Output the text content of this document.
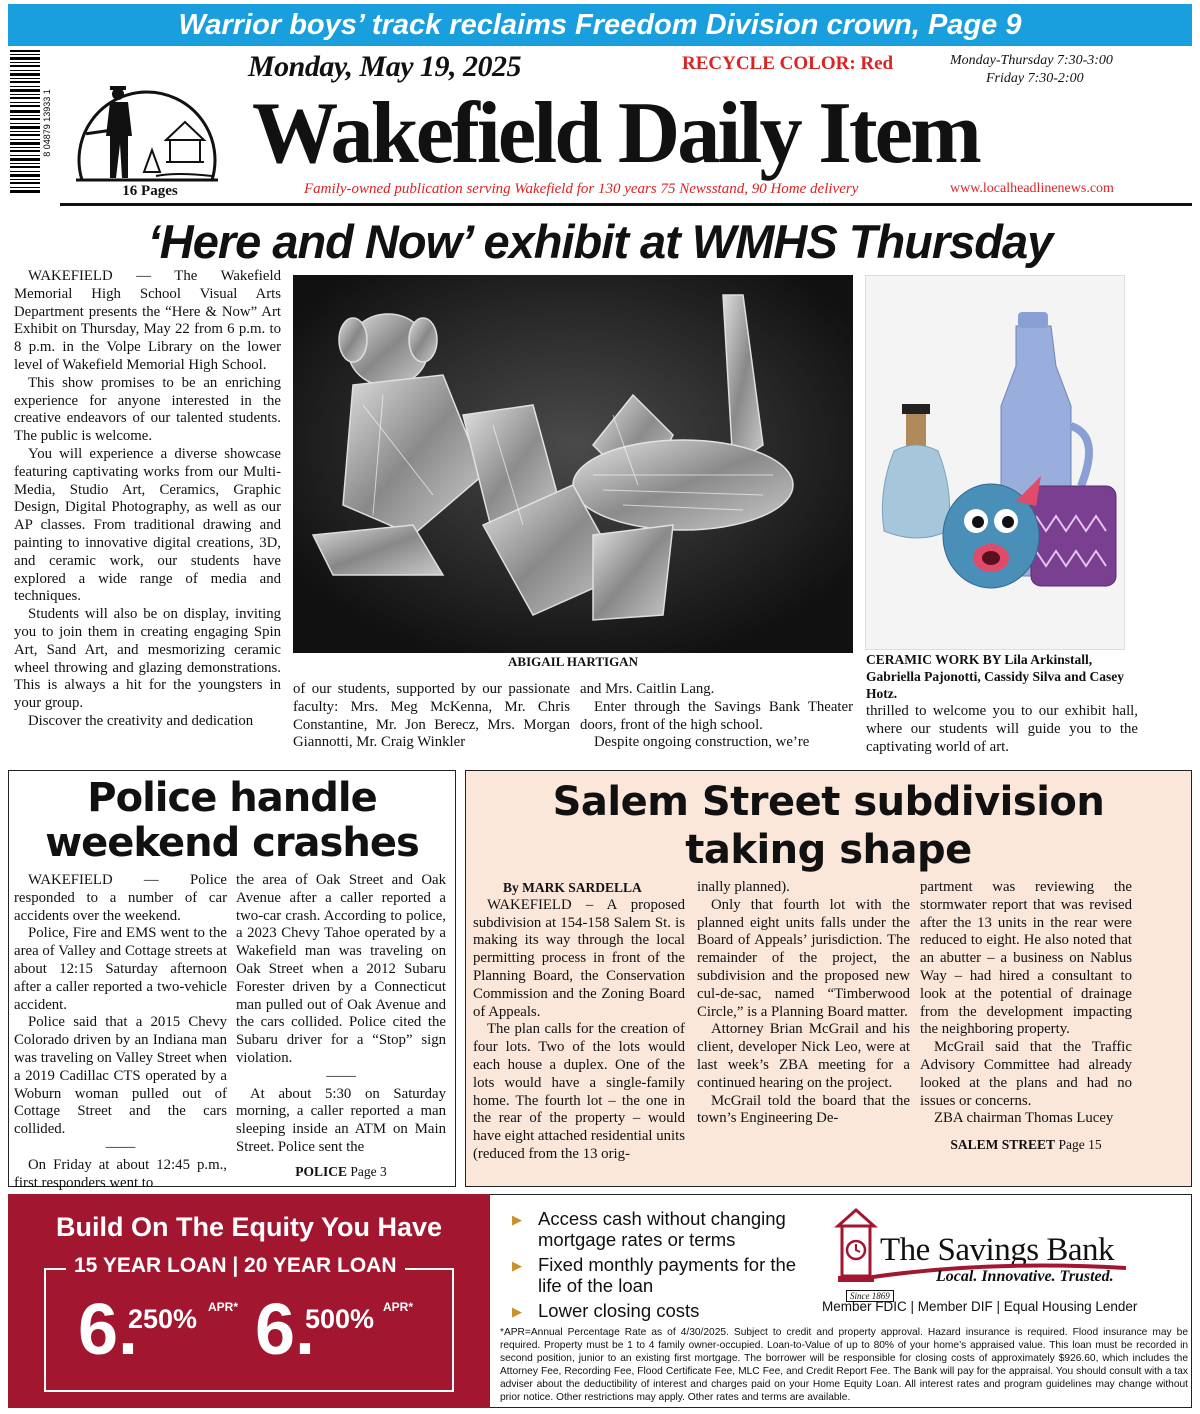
Warrior boys’ track reclaims Freedom Division crown, Page 9
8 04879 13933 1
16 Pages
Monday, May 19, 2025	RECYCLE COLOR: Red	Monday-Thursday 7:30-3:00
Friday 7:30-2:00
Wakefield Daily Item
Family-owned publication serving Wakefield for 130 years 75 Newsstand, 90 Home delivery	www.localheadlinenews.com
‘Here and Now’ exhibit at WMHS Thursday

WAKEFIELD — The Wakefield Memorial High School Visual Arts Department presents the “Here & Now” Art Exhibit on Thursday, May 22 from 6 p.m. to 8 p.m. in the Volpe Library on the lower level of Wakefield Memorial High School.

This show promises to be an enriching experience for anyone interested in the creative endeavors of our talented students. The public is welcome.

You will experience a diverse showcase featuring captivating works from our Multi-Media, Studio Art, Ceramics, Graphic Design, Digital Photography, as well as our AP classes. From traditional drawing and painting to innovative digital creations, 3D, and ceramic work, our students have explored a wide range of media and techniques.

Students will also be on display, inviting you to join them in creating engaging Spin Art, Sand Art, and mesmorizing ceramic wheel throwing and glazing demonstrations. This is always a hit for the youngsters in your group.

Discover the creativity and dedication

ABIGAIL HARTIGAN	CERAMIC WORK BY Lila Arkinstall, Gabriella Pajonotti, Cassidy Silva and Casey Hotz.

of our students, supported by our passionate faculty: Mrs. Meg McKenna, Mr. Chris Constantine, Mr. Jon Berecz, Mrs. Morgan Giannotti, Mr. Craig Winkler

and Mrs. Caitlin Lang.

Enter through the Savings Bank Theater doors, front of the high school.

Despite ongoing construction, we’re

thrilled to welcome you to our exhibit hall, where our students will guide you to the captivating world of art.

Police handle
weekend crashes

WAKEFIELD — Police responded to a number of car accidents over the weekend.

Police, Fire and EMS went to the area of Valley and Cottage streets at about 12:15 Saturday afternoon after a caller reported a two-vehicle accident.

Police said that a 2015 Chevy Colorado driven by an Indiana man was traveling on Valley Street when a 2019 Cadillac CTS operated by a Woburn woman pulled out of Cottage Street and the cars collided.

——

On Friday at about 12:45 p.m., first responders went to

the area of Oak Street and Oak Avenue after a caller reported a two-car crash. According to police, a 2023 Chevy Tahoe operated by a Wakefield man was traveling on Oak Street when a 2012 Subaru Forester driven by a Connecticut man pulled out of Oak Avenue and the cars collided. Police cited the Subaru driver for a “Stop” sign violation.

——

At about 5:30 on Saturday morning, a caller reported a man sleeping inside an ATM on Main Street. Police sent the

POLICE Page 3
Salem Street subdivision
taking shape

By MARK SARDELLA

WAKEFIELD – A proposed subdivision at 154-158 Salem St. is making its way through the local permitting process in front of the Planning Board, the Conservation Commission and the Zoning Board of Appeals.

The plan calls for the creation of four lots. Two of the lots would each house a duplex. One of the lots would have a single-family home. The fourth lot – the one in the rear of the property – would have eight attached residential units (reduced from the 13 orig-

inally planned).

Only that fourth lot with the planned eight units falls under the Board of Appeals’ jurisdiction. The remainder of the project, the subdivision and the proposed new cul-de-sac, named “Timberwood Circle,” is a Planning Board matter.

Attorney Brian McGrail and his client, developer Nick Leo, were at last week’s ZBA meeting for a continued hearing on the project.

McGrail told the board that the town’s Engineering De-

partment was reviewing the stormwater report that was revised after the 13 units in the rear were reduced to eight. He also noted that an abutter – a business on Nablus Way – had hired a consultant to look at the potential of drainage from the development impacting the neighboring property.

McGrail said that the Traffic Advisory Committee had already looked at the plans and had no issues or concerns.

ZBA chairman Thomas Lucey

SALEM STREET Page 15
Build On The Equity You Have
15 YEAR LOAN | 20 YEAR LOAN
6.
250% APR* 6.
500% APR*
▶ Access cash without changing mortgage rates or terms
▶ Fixed monthly payments for the life of the loan
▶ Lower closing costs
The Savings Bank
Local. Innovative. Trusted.
Since 1869
Member FDIC | Member DIF | Equal Housing Lender
*APR=Annual Percentage Rate as of 4/30/2025. Subject to credit and property approval. Hazard insurance is required. Flood insurance may be required. Property must be 1 to 4 family owner-occupied. Loan-to-Value of up to 80% of your home’s appraised value. This loan must be recorded in second position, junior to an existing first mortgage. The borrower will be responsible for closing costs of approximately $926.60, which includes the Attorney Fee, Recording Fee, Flood Certificate Fee, MLC Fee, and Credit Report Fee. The Bank will pay for the appraisal. You should consult with a tax adviser about the deductibility of interest and charges paid on your Home Equity Loan. All interest rates and program guidelines may change without prior notice. Other restrictions may apply. Other rates and terms are available.
